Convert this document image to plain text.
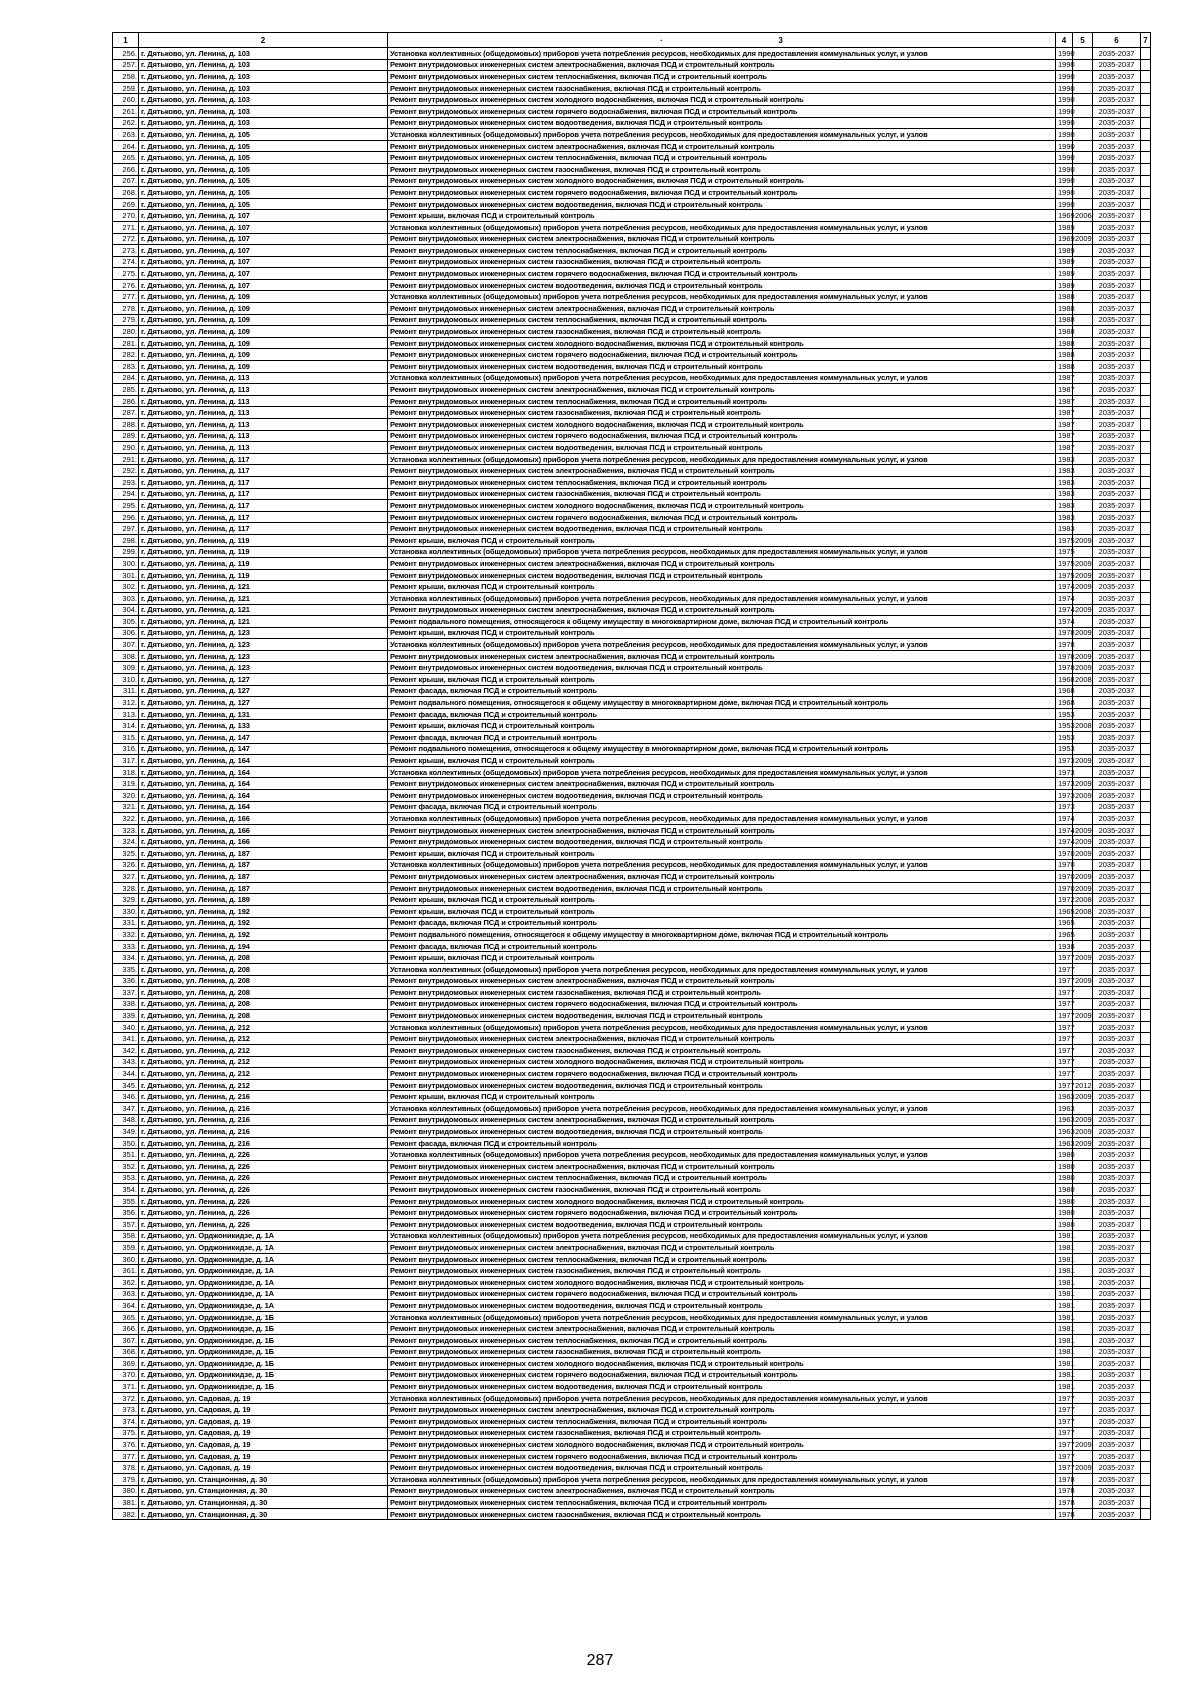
1	2	· 3	4	5	6	7
256.	г. Дятьково, ул. Ленина, д. 103	Установка коллективных (общедомовых) приборов учета потребления ресурсов, необходимых для предоставления коммунальных услуг, и узлов	1990		2035-2037	
257.	г. Дятьково, ул. Ленина, д. 103	Ремонт внутридомовых инженерных систем электроснабжения, включая ПСД и строительный контроль	1990		2035-2037	
258.	г. Дятьково, ул. Ленина, д. 103	Ремонт внутридомовых инженерных систем теплоснабжения, включая ПСД и строительный контроль	1990		2035-2037	
259.	г. Дятьково, ул. Ленина, д. 103	Ремонт внутридомовых инженерных систем газоснабжения, включая ПСД и строительный контроль	1990		2035-2037	
260.	г. Дятьково, ул. Ленина, д. 103	Ремонт внутридомовых инженерных систем холодного водоснабжения, включая ПСД и строительный контроль	1990		2035-2037	
261.	г. Дятьково, ул. Ленина, д. 103	Ремонт внутридомовых инженерных систем горячего водоснабжения, включая ПСД и строительный контроль	1990		2035-2037	
262.	г. Дятьково, ул. Ленина, д. 103	Ремонт внутридомовых инженерных систем водоотведения, включая ПСД и строительный контроль	1990		2035-2037	
263.	г. Дятьково, ул. Ленина, д. 105	Установка коллективных (общедомовых) приборов учета потребления ресурсов, необходимых для предоставления коммунальных услуг, и узлов	1990		2035-2037	
264.	г. Дятьково, ул. Ленина, д. 105	Ремонт внутридомовых инженерных систем электроснабжения, включая ПСД и строительный контроль	1990		2035-2037	
265.	г. Дятьково, ул. Ленина, д. 105	Ремонт внутридомовых инженерных систем теплоснабжения, включая ПСД и строительный контроль	1990		2035-2037	
266.	г. Дятьково, ул. Ленина, д. 105	Ремонт внутридомовых инженерных систем газоснабжения, включая ПСД и строительный контроль	1990		2035-2037	
267.	г. Дятьково, ул. Ленина, д. 105	Ремонт внутридомовых инженерных систем холодного водоснабжения, включая ПСД и строительный контроль	1990		2035-2037	
268.	г. Дятьково, ул. Ленина, д. 105	Ремонт внутридомовых инженерных систем горячего водоснабжения, включая ПСД и строительный контроль	1990		2035-2037	
269.	г. Дятьково, ул. Ленина, д. 105	Ремонт внутридомовых инженерных систем водоотведения, включая ПСД и строительный контроль	1990		2035-2037	
270.	г. Дятьково, ул. Ленина, д. 107	Ремонт крыши, включая ПСД и строительный контроль	1969	2006	2035-2037	
271.	г. Дятьково, ул. Ленина, д. 107	Установка коллективных (общедомовых) приборов учета потребления ресурсов, необходимых для предоставления коммунальных услуг, и узлов	1989		2035-2037	
272.	г. Дятьково, ул. Ленина, д. 107	Ремонт внутридомовых инженерных систем электроснабжения, включая ПСД и строительный контроль	1969	2009	2035-2037	
273.	г. Дятьково, ул. Ленина, д. 107	Ремонт внутридомовых инженерных систем теплоснабжения, включая ПСД и строительный контроль	1989		2035-2037	
274.	г. Дятьково, ул. Ленина, д. 107	Ремонт внутридомовых инженерных систем газоснабжения, включая ПСД и строительный контроль	1989		2035-2037	
275.	г. Дятьково, ул. Ленина, д. 107	Ремонт внутридомовых инженерных систем горячего водоснабжения, включая ПСД и строительный контроль	1989		2035-2037	
276.	г. Дятьково, ул. Ленина, д. 107	Ремонт внутридомовых инженерных систем водоотведения, включая ПСД и строительный контроль	1989		2035-2037	
277.	г. Дятьково, ул. Ленина, д. 109	Установка коллективных (общедомовых) приборов учета потребления ресурсов, необходимых для предоставления коммунальных услуг, и узлов	1988		2035-2037	
278.	г. Дятьково, ул. Ленина, д. 109	Ремонт внутридомовых инженерных систем электроснабжения, включая ПСД и строительный контроль	1988		2035-2037	
279.	г. Дятьково, ул. Ленина, д. 109	Ремонт внутридомовых инженерных систем теплоснабжения, включая ПСД и строительный контроль	1988		2035-2037	
280.	г. Дятьково, ул. Ленина, д. 109	Ремонт внутридомовых инженерных систем газоснабжения, включая ПСД и строительный контроль	1988		2035-2037	
281.	г. Дятьково, ул. Ленина, д. 109	Ремонт внутридомовых инженерных систем холодного водоснабжения, включая ПСД и строительный контроль	1988		2035-2037	
282.	г. Дятьково, ул. Ленина, д. 109	Ремонт внутридомовых инженерных систем горячего водоснабжения, включая ПСД и строительный контроль	1988		2035-2037	
283.	г. Дятьково, ул. Ленина, д. 109	Ремонт внутридомовых инженерных систем водоотведения, включая ПСД и строительный контроль	1988		2035-2037	
284.	г. Дятьково, ул. Ленина, д. 113	Установка коллективных (общедомовых) приборов учета потребления ресурсов, необходимых для предоставления коммунальных услуг, и узлов	1987		2035-2037	
285.	г. Дятьково, ул. Ленина, д. 113	Ремонт внутридомовых инженерных систем электроснабжения, включая ПСД и строительный контроль	1987		2035-2037	
286.	г. Дятьково, ул. Ленина, д. 113	Ремонт внутридомовых инженерных систем теплоснабжения, включая ПСД и строительный контроль	1987		2035-2037	
287.	г. Дятьково, ул. Ленина, д. 113	Ремонт внутридомовых инженерных систем газоснабжения, включая ПСД и строительный контроль	1987		2035-2037	
288.	г. Дятьково, ул. Ленина, д. 113	Ремонт внутридомовых инженерных систем холодного водоснабжения, включая ПСД и строительный контроль	1987		2035-2037	
289.	г. Дятьково, ул. Ленина, д. 113	Ремонт внутридомовых инженерных систем горячего водоснабжения, включая ПСД и строительный контроль	1987		2035-2037	
290.	г. Дятьково, ул. Ленина, д. 113	Ремонт внутридомовых инженерных систем водоотведения, включая ПСД и строительный контроль	1987		2035-2037	
291.	г. Дятьково, ул. Ленина, д. 117	Установка коллективных (общедомовых) приборов учета потребления ресурсов, необходимых для предоставления коммунальных услуг, и узлов	1983		2035-2037	
292.	г. Дятьково, ул. Ленина, д. 117	Ремонт внутридомовых инженерных систем электроснабжения, включая ПСД и строительный контроль	1983		2035-2037	
293.	г. Дятьково, ул. Ленина, д. 117	Ремонт внутридомовых инженерных систем теплоснабжения, включая ПСД и строительный контроль	1983		2035-2037	
294.	г. Дятьково, ул. Ленина, д. 117	Ремонт внутридомовых инженерных систем газоснабжения, включая ПСД и строительный контроль	1983		2035-2037	
295.	г. Дятьково, ул. Ленина, д. 117	Ремонт внутридомовых инженерных систем холодного водоснабжения, включая ПСД и строительный контроль	1983		2035-2037	
296.	г. Дятьково, ул. Ленина, д. 117	Ремонт внутридомовых инженерных систем горячего водоснабжения, включая ПСД и строительный контроль	1983		2035-2037	
297.	г. Дятьково, ул. Ленина, д. 117	Ремонт внутридомовых инженерных систем водоотведения, включая ПСД и строительный контроль	1983		2035-2037	
298.	г. Дятьково, ул. Ленина, д. 119	Ремонт крыши, включая ПСД и строительный контроль	1975	2009	2035-2037	
299.	г. Дятьково, ул. Ленина, д. 119	Установка коллективных (общедомовых) приборов учета потребления ресурсов, необходимых для предоставления коммунальных услуг, и узлов	1975		2035-2037	
300.	г. Дятьково, ул. Ленина, д. 119	Ремонт внутридомовых инженерных систем электроснабжения, включая ПСД и строительный контроль	1975	2009	2035-2037	
301.	г. Дятьково, ул. Ленина, д. 119	Ремонт внутридомовых инженерных систем водоотведения, включая ПСД и строительный контроль	1975	2009	2035-2037	
302.	г. Дятьково, ул. Ленина, д. 121	Ремонт крыши, включая ПСД и строительный контроль	1974	2009	2035-2037	
303.	г. Дятьково, ул. Ленина, д. 121	Установка коллективных (общедомовых) приборов учета потребления ресурсов, необходимых для предоставления коммунальных услуг, и узлов	1974		2035-2037	
304.	г. Дятьково, ул. Ленина, д. 121	Ремонт внутридомовых инженерных систем электроснабжения, включая ПСД и строительный контроль	1974	2009	2035-2037	
305.	г. Дятьково, ул. Ленина, д. 121	Ремонт подвального помещения, относящегося к общему имуществу в многоквартирном доме, включая ПСД и строительный контроль	1974		2035-2037	
306.	г. Дятьково, ул. Ленина, д. 123	Ремонт крыши, включая ПСД и строительный контроль	1978	2009	2035-2037	
307.	г. Дятьково, ул. Ленина, д. 123	Установка коллективных (общедомовых) приборов учета потребления ресурсов, необходимых для предоставления коммунальных услуг, и узлов	1978		2035-2037	
308.	г. Дятьково, ул. Ленина, д. 123	Ремонт внутридомовых инженерных систем электроснабжения, включая ПСД и строительный контроль	1978	2009	2035-2037	
309.	г. Дятьково, ул. Ленина, д. 123	Ремонт внутридомовых инженерных систем водоотведения, включая ПСД и строительный контроль	1978	2009	2035-2037	
310.	г. Дятьково, ул. Ленина, д. 127	Ремонт крыши, включая ПСД и строительный контроль	1968	2008	2035-2037	
311.	г. Дятьково, ул. Ленина, д. 127	Ремонт фасада, включая ПСД и строительный контроль	1968		2035-2037	
312.	г. Дятьково, ул. Ленина, д. 127	Ремонт подвального помещения, относящегося к общему имуществу в многоквартирном доме, включая ПСД и строительный контроль	1968		2035-2037	
313.	г. Дятьково, ул. Ленина, д. 131	Ремонт фасада, включая ПСД и строительный контроль	1953		2035-2037	
314.	г. Дятьково, ул. Ленина, д. 133	Ремонт крыши, включая ПСД и строительный контроль	1953	2008	2035-2037	
315.	г. Дятьково, ул. Ленина, д. 147	Ремонт фасада, включая ПСД и строительный контроль	1953		2035-2037	
316.	г. Дятьково, ул. Ленина, д. 147	Ремонт подвального помещения, относящегося к общему имуществу в многоквартирном доме, включая ПСД и строительный контроль	1953		2035-2037	
317.	г. Дятьково, ул. Ленина, д. 164	Ремонт крыши, включая ПСД и строительный контроль	1973	2009	2035-2037	
318.	г. Дятьково, ул. Ленина, д. 164	Установка коллективных (общедомовых) приборов учета потребления ресурсов, необходимых для предоставления коммунальных услуг, и узлов	1973		2035-2037	
319.	г. Дятьково, ул. Ленина, д. 164	Ремонт внутридомовых инженерных систем электроснабжения, включая ПСД и строительный контроль	1973	2009	2035-2037	
320.	г. Дятьково, ул. Ленина, д. 164	Ремонт внутридомовых инженерных систем водоотведения, включая ПСД и строительный контроль	1973	2009	2035-2037	
321.	г. Дятьково, ул. Ленина, д. 164	Ремонт фасада, включая ПСД и строительный контроль	1973		2035-2037	
322.	г. Дятьково, ул. Ленина, д. 166	Установка коллективных (общедомовых) приборов учета потребления ресурсов, необходимых для предоставления коммунальных услуг, и узлов	1974		2035-2037	
323.	г. Дятьково, ул. Ленина, д. 166	Ремонт внутридомовых инженерных систем электроснабжения, включая ПСД и строительный контроль	1974	2009	2035-2037	
324.	г. Дятьково, ул. Ленина, д. 166	Ремонт внутридомовых инженерных систем водоотведения, включая ПСД и строительный контроль	1974	2009	2035-2037	
325.	г. Дятьково, ул. Ленина, д. 187	Ремонт крыши, включая ПСД и строительный контроль	1970	2009	2035-2037	
326.	г. Дятьково, ул. Ленина, д. 187	Установка коллективных (общедомовых) приборов учета потребления ресурсов, необходимых для предоставления коммунальных услуг, и узлов	1970		2035-2037	
327.	г. Дятьково, ул. Ленина, д. 187	Ремонт внутридомовых инженерных систем электроснабжения, включая ПСД и строительный контроль	1970	2009	2035-2037	
328.	г. Дятьково, ул. Ленина, д. 187	Ремонт внутридомовых инженерных систем водоотведения, включая ПСД и строительный контроль	1970	2009	2035-2037	
329.	г. Дятьково, ул. Ленина, д. 189	Ремонт крыши, включая ПСД и строительный контроль	1972	2008	2035-2037	
330.	г. Дятьково, ул. Ленина, д. 192	Ремонт крыши, включая ПСД и строительный контроль	1965	2008	2035-2037	
331.	г. Дятьково, ул. Ленина, д. 192	Ремонт фасада, включая ПСД и строительный контроль	1965		2035-2037	
332.	г. Дятьково, ул. Ленина, д. 192	Ремонт подвального помещения, относящегося к общему имуществу в многоквартирном доме, включая ПСД и строительный контроль	1965		2035-2037	
333.	г. Дятьково, ул. Ленина, д. 194	Ремонт фасада, включая ПСД и строительный контроль	1938		2035-2037	
334.	г. Дятьково, ул. Ленина, д. 208	Ремонт крыши, включая ПСД и строительный контроль	1977	2009	2035-2037	
335.	г. Дятьково, ул. Ленина, д. 208	Установка коллективных (общедомовых) приборов учета потребления ресурсов, необходимых для предоставления коммунальных услуг, и узлов	1977		2035-2037	
336.	г. Дятьково, ул. Ленина, д. 208	Ремонт внутридомовых инженерных систем электроснабжения, включая ПСД и строительный контроль	1977	2009	2035-2037	
337.	г. Дятьково, ул. Ленина, д. 208	Ремонт внутридомовых инженерных систем газоснабжения, включая ПСД и строительный контроль	1977		2035-2037	
338.	г. Дятьково, ул. Ленина, д. 208	Ремонт внутридомовых инженерных систем горячего водоснабжения, включая ПСД и строительный контроль	1977		2035-2037	
339.	г. Дятьково, ул. Ленина, д. 208	Ремонт внутридомовых инженерных систем водоотведения, включая ПСД и строительный контроль	1977	2009	2035-2037	
340.	г. Дятьково, ул. Ленина, д. 212	Установка коллективных (общедомовых) приборов учета потребления ресурсов, необходимых для предоставления коммунальных услуг, и узлов	1977		2035-2037	
341.	г. Дятьково, ул. Ленина, д. 212	Ремонт внутридомовых инженерных систем электроснабжения, включая ПСД и строительный контроль	1977		2035-2037	
342.	г. Дятьково, ул. Ленина, д. 212	Ремонт внутридомовых инженерных систем газоснабжения, включая ПСД и строительный контроль	1977		2035-2037	
343.	г. Дятьково, ул. Ленина, д. 212	Ремонт внутридомовых инженерных систем холодного водоснабжения, включая ПСД и строительный контроль	1977		2035-2037	
344.	г. Дятьково, ул. Ленина, д. 212	Ремонт внутридомовых инженерных систем горячего водоснабжения, включая ПСД и строительный контроль	1977		2035-2037	
345.	г. Дятьково, ул. Ленина, д. 212	Ремонт внутридомовых инженерных систем водоотведения, включая ПСД и строительный контроль	1977	2012	2035-2037	
346.	г. Дятьково, ул. Ленина, д. 216	Ремонт крыши, включая ПСД и строительный контроль	1963	2009	2035-2037	
347.	г. Дятьково, ул. Ленина, д. 216	Установка коллективных (общедомовых) приборов учета потребления ресурсов, необходимых для предоставления коммунальных услуг, и узлов	1963		2035-2037	
348.	г. Дятьково, ул. Ленина, д. 216	Ремонт внутридомовых инженерных систем электроснабжения, включая ПСД и строительный контроль	1963	2009	2035-2037	
349.	г. Дятьково, ул. Ленина, д. 216	Ремонт внутридомовых инженерных систем водоотведения, включая ПСД и строительный контроль	1963	2009	2035-2037	
350.	г. Дятьково, ул. Ленина, д. 216	Ремонт фасада, включая ПСД и строительный контроль	1963	2009	2035-2037	
351.	г. Дятьково, ул. Ленина, д. 226	Установка коллективных (общедомовых) приборов учета потребления ресурсов, необходимых для предоставления коммунальных услуг, и узлов	1980		2035-2037	
352.	г. Дятьково, ул. Ленина, д. 226	Ремонт внутридомовых инженерных систем электроснабжения, включая ПСД и строительный контроль	1980		2035-2037	
353.	г. Дятьково, ул. Ленина, д. 226	Ремонт внутридомовых инженерных систем теплоснабжения, включая ПСД и строительный контроль	1980		2035-2037	
354.	г. Дятьково, ул. Ленина, д. 226	Ремонт внутридомовых инженерных систем газоснабжения, включая ПСД и строительный контроль	1980		2035-2037	
355.	г. Дятьково, ул. Ленина, д. 226	Ремонт внутридомовых инженерных систем холодного водоснабжения, включая ПСД и строительный контроль	1980		2035-2037	
356.	г. Дятьково, ул. Ленина, д. 226	Ремонт внутридомовых инженерных систем горячего водоснабжения, включая ПСД и строительный контроль	1980		2035-2037	
357.	г. Дятьково, ул. Ленина, д. 226	Ремонт внутридомовых инженерных систем водоотведения, включая ПСД и строительный контроль	1980		2035-2037	
358.	г. Дятьково, ул. Орджоникидзе, д. 1А	Установка коллективных (общедомовых) приборов учета потребления ресурсов, необходимых для предоставления коммунальных услуг, и узлов	1981		2035-2037	
359.	г. Дятьково, ул. Орджоникидзе, д. 1А	Ремонт внутридомовых инженерных систем электроснабжения, включая ПСД и строительный контроль	1981		2035-2037	
360.	г. Дятьково, ул. Орджоникидзе, д. 1А	Ремонт внутридомовых инженерных систем теплоснабжения, включая ПСД и строительный контроль	1981		2035-2037	
361.	г. Дятьково, ул. Орджоникидзе, д. 1А	Ремонт внутридомовых инженерных систем газоснабжения, включая ПСД и строительный контроль	1981		2035-2037	
362.	г. Дятьково, ул. Орджоникидзе, д. 1А	Ремонт внутридомовых инженерных систем холодного водоснабжения, включая ПСД и строительный контроль	1981		2035-2037	
363.	г. Дятьково, ул. Орджоникидзе, д. 1А	Ремонт внутридомовых инженерных систем горячего водоснабжения, включая ПСД и строительный контроль	1981		2035-2037	
364.	г. Дятьково, ул. Орджоникидзе, д. 1А	Ремонт внутридомовых инженерных систем водоотведения, включая ПСД и строительный контроль	1981		2035-2037	
365.	г. Дятьково, ул. Орджоникидзе, д. 1Б	Установка коллективных (общедомовых) приборов учета потребления ресурсов, необходимых для предоставления коммунальных услуг, и узлов	1981		2035-2037	
366.	г. Дятьково, ул. Орджоникидзе, д. 1Б	Ремонт внутридомовых инженерных систем электроснабжения, включая ПСД и строительный контроль	1981		2035-2037	
367.	г. Дятьково, ул. Орджоникидзе, д. 1Б	Ремонт внутридомовых инженерных систем теплоснабжения, включая ПСД и строительный контроль	1981		2035-2037	
368.	г. Дятьково, ул. Орджоникидзе, д. 1Б	Ремонт внутридомовых инженерных систем газоснабжения, включая ПСД и строительный контроль	1981		2035-2037	
369.	г. Дятьково, ул. Орджоникидзе, д. 1Б	Ремонт внутридомовых инженерных систем холодного водоснабжения, включая ПСД и строительный контроль	1981		2035-2037	
370.	г. Дятьково, ул. Орджоникидзе, д. 1Б	Ремонт внутридомовых инженерных систем горячего водоснабжения, включая ПСД и строительный контроль	1981		2035-2037	
371.	г. Дятьково, ул. Орджоникидзе, д. 1Б	Ремонт внутридомовых инженерных систем водоотведения, включая ПСД и строительный контроль	1981		2035-2037	
372.	г. Дятьково, ул. Садовая, д. 19	Установка коллективных (общедомовых) приборов учета потребления ресурсов, необходимых для предоставления коммунальных услуг, и узлов	1977		2035-2037	
373.	г. Дятьково, ул. Садовая, д. 19	Ремонт внутридомовых инженерных систем электроснабжения, включая ПСД и строительный контроль	1977		2035-2037	
374.	г. Дятьково, ул. Садовая, д. 19	Ремонт внутридомовых инженерных систем теплоснабжения, включая ПСД и строительный контроль	1977		2035-2037	
375.	г. Дятьково, ул. Садовая, д. 19	Ремонт внутридомовых инженерных систем газоснабжения, включая ПСД и строительный контроль	1977		2035-2037	
376.	г. Дятьково, ул. Садовая, д. 19	Ремонт внутридомовых инженерных систем холодного водоснабжения, включая ПСД и строительный контроль	1977	2009	2035-2037	
377.	г. Дятьково, ул. Садовая, д. 19	Ремонт внутридомовых инженерных систем горячего водоснабжения, включая ПСД и строительный контроль	1977		2035-2037	
378.	г. Дятьково, ул. Садовая, д. 19	Ремонт внутридомовых инженерных систем водоотведения, включая ПСД и строительный контроль	1977	2009	2035-2037	
379.	г. Дятьково, ул. Станционная, д. 30	Установка коллективных (общедомовых) приборов учета потребления ресурсов, необходимых для предоставления коммунальных услуг, и узлов	1978		2035-2037	
380.	г. Дятьково, ул. Станционная, д. 30	Ремонт внутридомовых инженерных систем электроснабжения, включая ПСД и строительный контроль	1978		2035-2037	
381.	г. Дятьково, ул. Станционная, д. 30	Ремонт внутридомовых инженерных систем теплоснабжения, включая ПСД и строительный контроль	1978		2035-2037	
382.	г. Дятьково, ул. Станционная, д. 30	Ремонт внутридомовых инженерных систем газоснабжения, включая ПСД и строительный контроль	1978		2035-2037	
287
